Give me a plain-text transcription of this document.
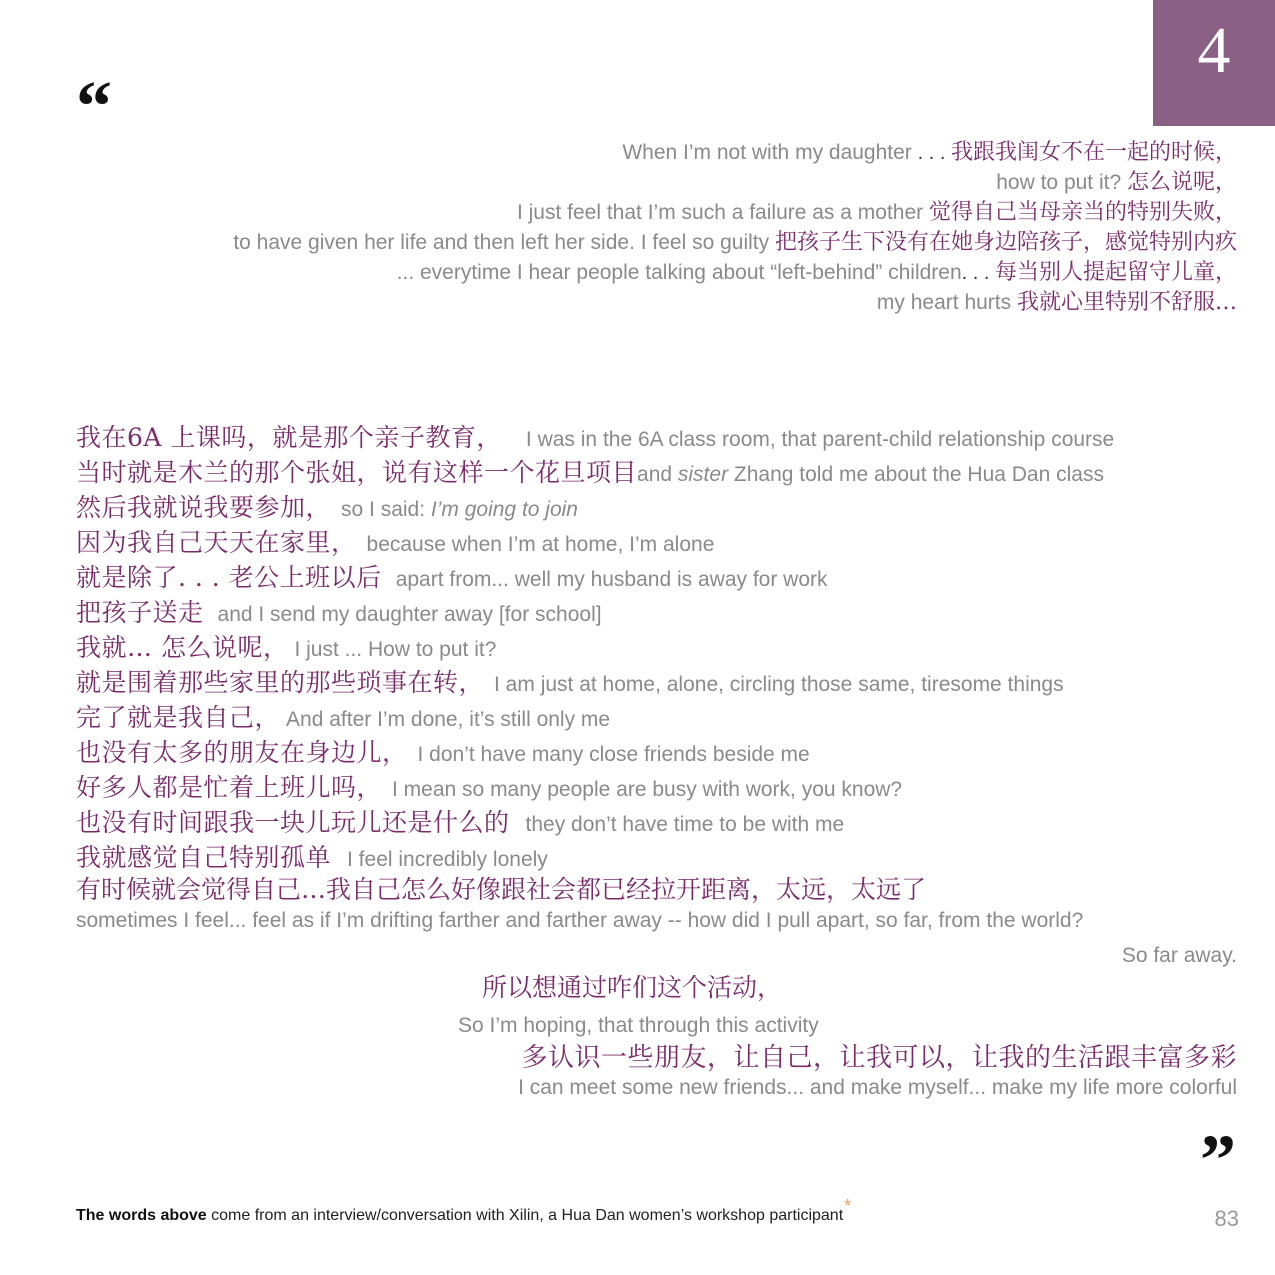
4
“
When I’m not with my daughter . . . 我跟我闺女不在一起的时候，
how to put it? 怎么说呢，
I just feel that I’m such a failure as a mother 觉得自己当母亲当的特别失败，
to have given her life and then left her side. I feel so guilty 把孩子生下没有在她身边陪孩子，感觉特别内疚
... everytime I hear people talking about “left-behind” children. . . 每当别人提起留守儿童，
my heart hurts 我就心里特别不舒服…
我在6A 上课吗，就是那个亲子教育， I was in the 6A class room, that parent-child relationship course
当时就是木兰的那个张姐，说有这样一个花旦项目and sister Zhang told me about the Hua Dan class
然后我就说我要参加， so I said: I’m going to join
因为我自己天天在家里， because when I’m at home, I’m alone
就是除了. . . 老公上班以后 apart from... well my husband is away for work
把孩子送走 and I send my daughter away [for school]
我就… 怎么说呢， I just ... How to put it?
就是围着那些家里的那些琐事在转， I am just at home, alone, circling those same, tiresome things
完了就是我自己， And after I’m done, it’s still only me
也没有太多的朋友在身边儿， I don’t have many close friends beside me
好多人都是忙着上班儿吗， I mean so many people are busy with work, you know?
也没有时间跟我一块儿玩儿还是什么的 they don’t have time to be with me
我就感觉自己特别孤单 I feel incredibly lonely
有时候就会觉得自己…我自己怎么好像跟社会都已经拉开距离，太远，太远了
sometimes I feel... feel as if I’m drifting farther and farther away -- how did I pull apart, so far, from the world?
So far away.
所以想通过咋们这个活动，
So I’m hoping, that through this activity
多认识一些朋友，让自己，让我可以，让我的生活跟丰富多彩
I can meet some new friends... and make myself... make my life more colorful
”
The words above come from an interview/conversation with Xilin, a Hua Dan women’s workshop participant*	83
